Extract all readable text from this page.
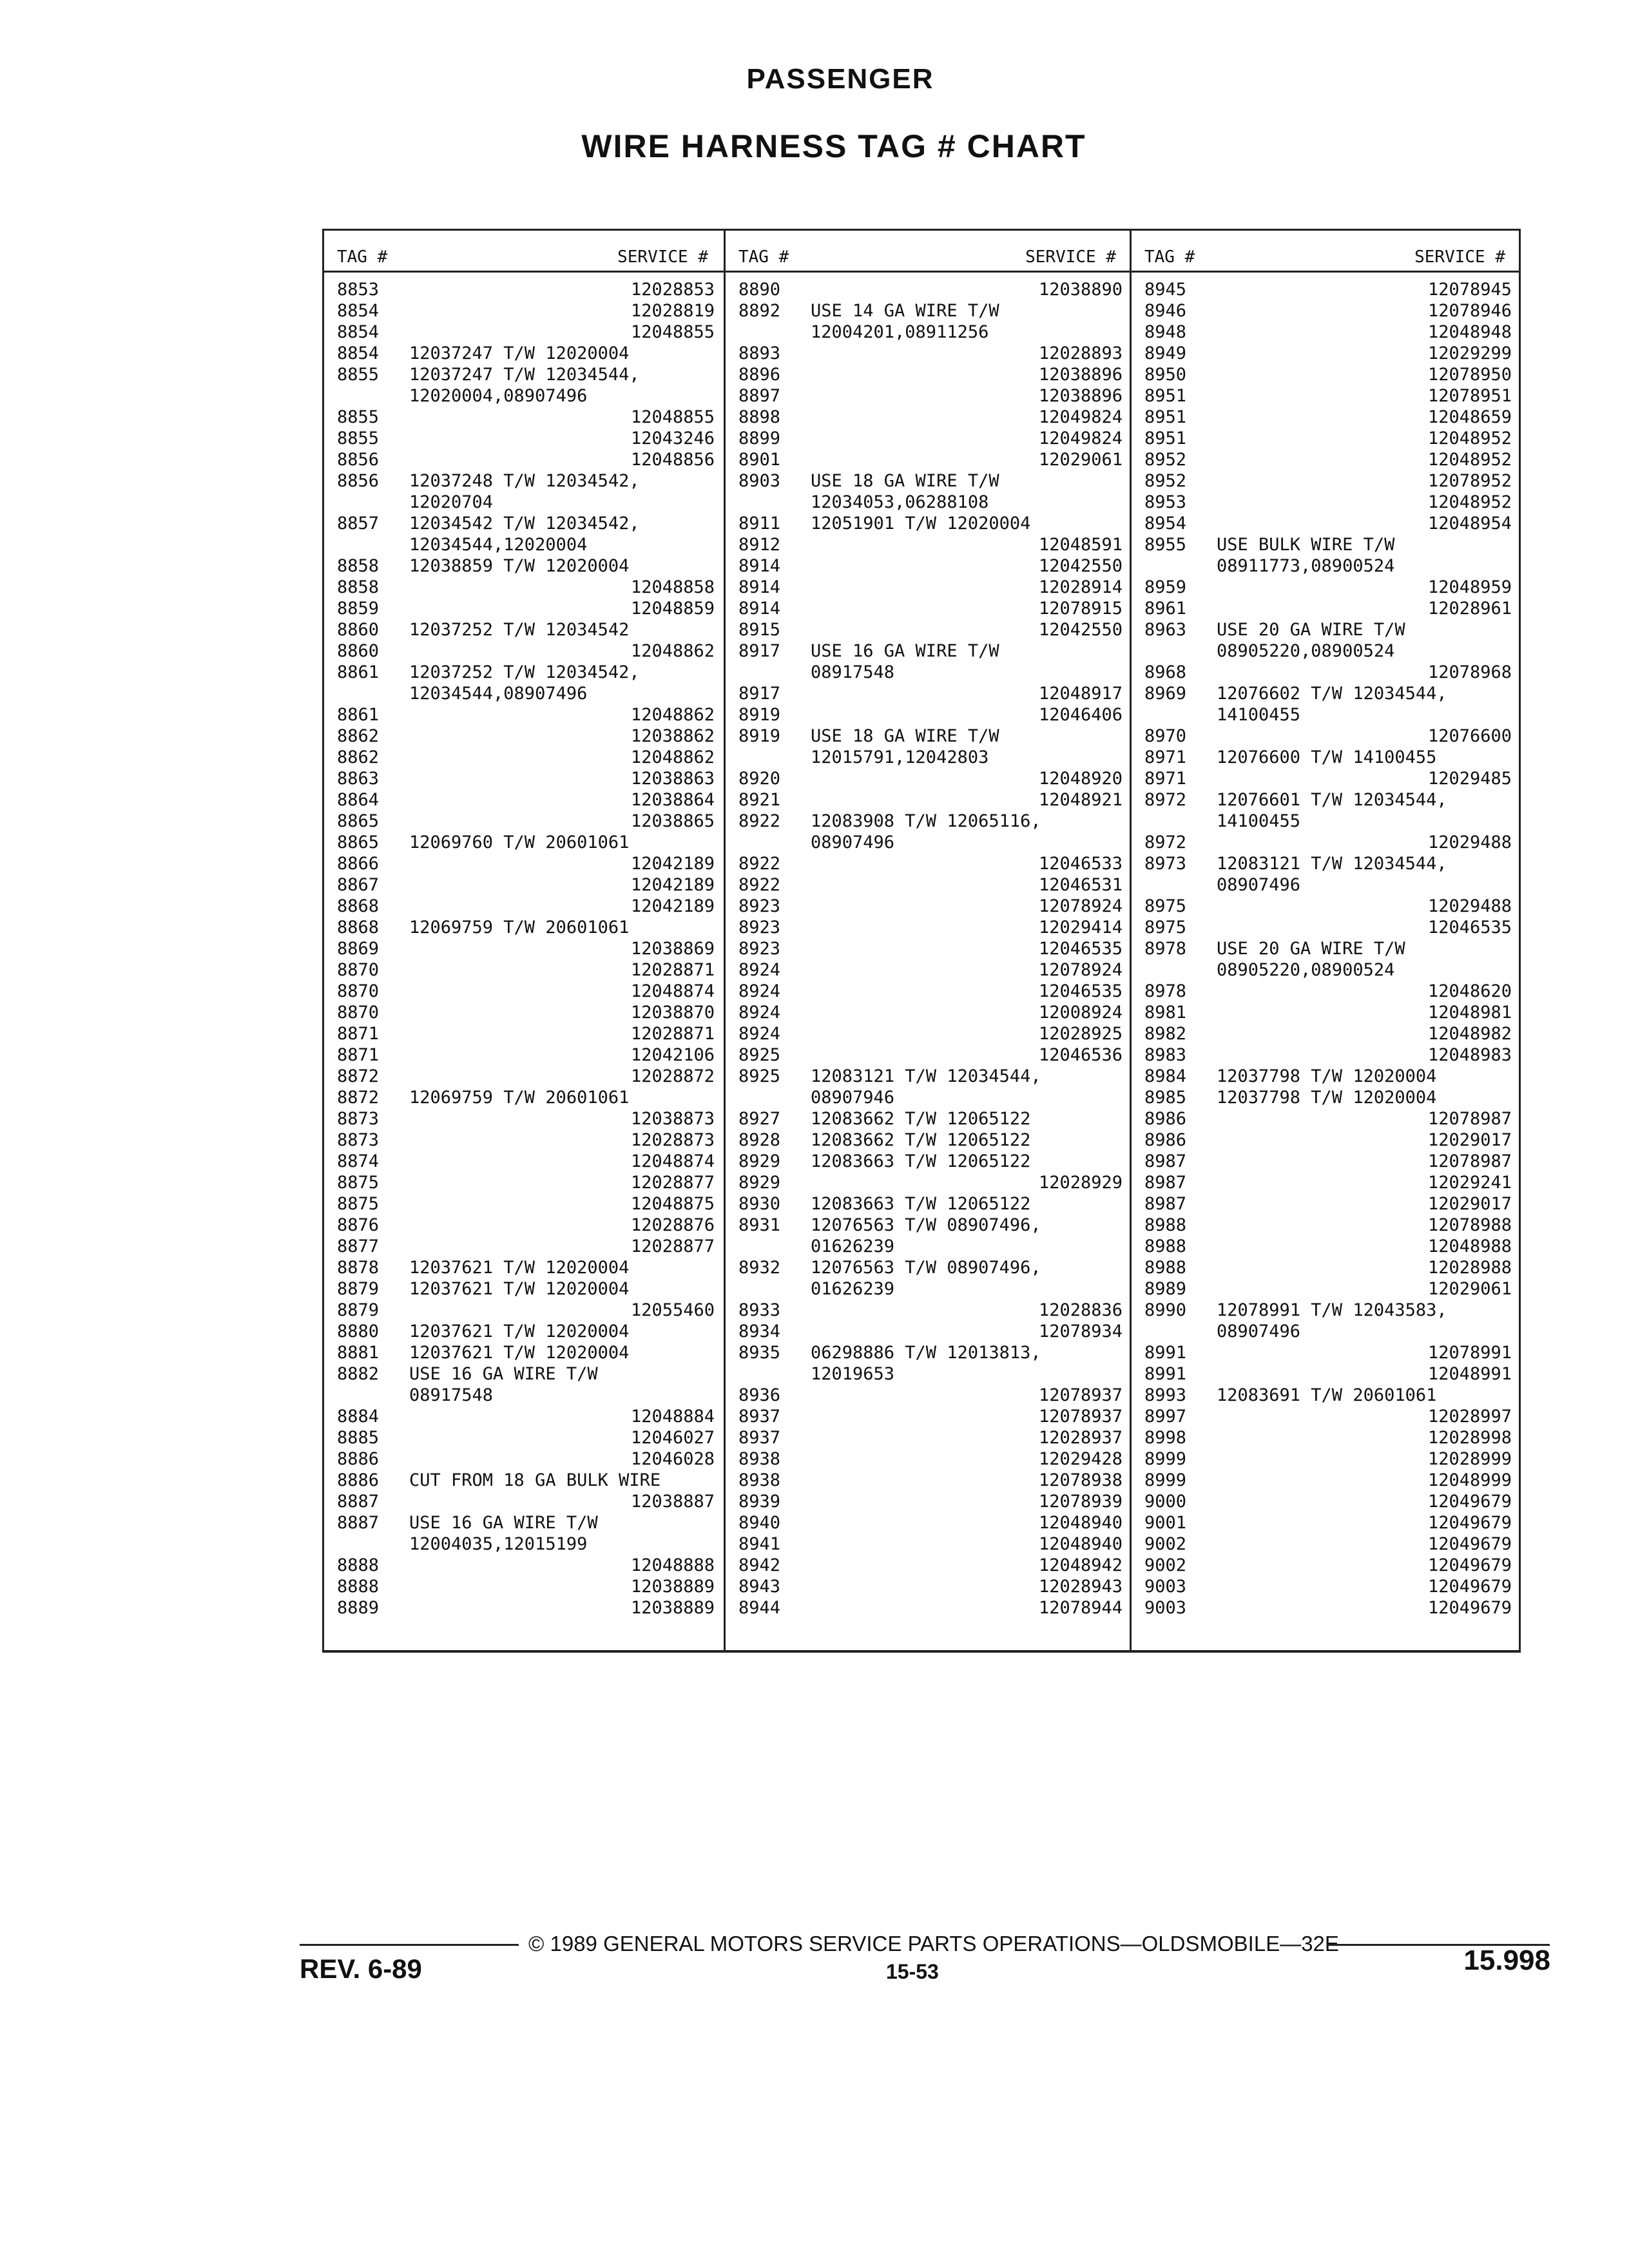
PASSENGER
WIRE HARNESS TAG # CHART
TAG #	SERVICE #
8853	12028853
8854	12028819
8854	12048855
8854	12037247 T/W 12020004
8855	12037247 T/W 12034544,
12020004,08907496
8855	12048855
8855	12043246
8856	12048856
8856	12037248 T/W 12034542,
12020704
8857	12034542 T/W 12034542,
12034544,12020004
8858	12038859 T/W 12020004
8858	12048858
8859	12048859
8860	12037252 T/W 12034542
8860	12048862
8861	12037252 T/W 12034542,
12034544,08907496
8861	12048862
8862	12038862
8862	12048862
8863	12038863
8864	12038864
8865	12038865
8865	12069760 T/W 20601061
8866	12042189
8867	12042189
8868	12042189
8868	12069759 T/W 20601061
8869	12038869
8870	12028871
8870	12048874
8870	12038870
8871	12028871
8871	12042106
8872	12028872
8872	12069759 T/W 20601061
8873	12038873
8873	12028873
8874	12048874
8875	12028877
8875	12048875
8876	12028876
8877	12028877
8878	12037621 T/W 12020004
8879	12037621 T/W 12020004
8879	12055460
8880	12037621 T/W 12020004
8881	12037621 T/W 12020004
8882	USE 16 GA WIRE T/W
08917548
8884	12048884
8885	12046027
8886	12046028
8886	CUT FROM 18 GA BULK WIRE
8887	12038887
8887	USE 16 GA WIRE T/W
12004035,12015199
8888	12048888
8888	12038889
8889	12038889
TAG #	SERVICE #
8890	12038890
8892	USE 14 GA WIRE T/W
12004201,08911256
8893	12028893
8896	12038896
8897	12038896
8898	12049824
8899	12049824
8901	12029061
8903	USE 18 GA WIRE T/W
12034053,06288108
8911	12051901 T/W 12020004
8912	12048591
8914	12042550
8914	12028914
8914	12078915
8915	12042550
8917	USE 16 GA WIRE T/W
08917548
8917	12048917
8919	12046406
8919	USE 18 GA WIRE T/W
12015791,12042803
8920	12048920
8921	12048921
8922	12083908 T/W 12065116,
08907496
8922	12046533
8922	12046531
8923	12078924
8923	12029414
8923	12046535
8924	12078924
8924	12046535
8924	12008924
8924	12028925
8925	12046536
8925	12083121 T/W 12034544,
08907946
8927	12083662 T/W 12065122
8928	12083662 T/W 12065122
8929	12083663 T/W 12065122
8929	12028929
8930	12083663 T/W 12065122
8931	12076563 T/W 08907496,
01626239
8932	12076563 T/W 08907496,
01626239
8933	12028836
8934	12078934
8935	06298886 T/W 12013813,
12019653
8936	12078937
8937	12078937
8937	12028937
8938	12029428
8938	12078938
8939	12078939
8940	12048940
8941	12048940
8942	12048942
8943	12028943
8944	12078944
TAG #	SERVICE #
8945	12078945
8946	12078946
8948	12048948
8949	12029299
8950	12078950
8951	12078951
8951	12048659
8951	12048952
8952	12048952
8952	12078952
8953	12048952
8954	12048954
8955	USE BULK WIRE T/W
08911773,08900524
8959	12048959
8961	12028961
8963	USE 20 GA WIRE T/W
08905220,08900524
8968	12078968
8969	12076602 T/W 12034544,
14100455
8970	12076600
8971	12076600 T/W 14100455
8971	12029485
8972	12076601 T/W 12034544,
14100455
8972	12029488
8973	12083121 T/W 12034544,
08907496
8975	12029488
8975	12046535
8978	USE 20 GA WIRE T/W
08905220,08900524
8978	12048620
8981	12048981
8982	12048982
8983	12048983
8984	12037798 T/W 12020004
8985	12037798 T/W 12020004
8986	12078987
8986	12029017
8987	12078987
8987	12029241
8987	12029017
8988	12078988
8988	12048988
8988	12028988
8989	12029061
8990	12078991 T/W 12043583,
08907496
8991	12078991
8991	12048991
8993	12083691 T/W 20601061
8997	12028997
8998	12028998
8999	12028999
8999	12048999
9000	12049679
9001	12049679
9002	12049679
9002	12049679
9003	12049679
9003	12049679
© 1989 GENERAL MOTORS SERVICE PARTS OPERATIONS—OLDSMOBILE—32E
REV. 6-89	15-53	15.998
